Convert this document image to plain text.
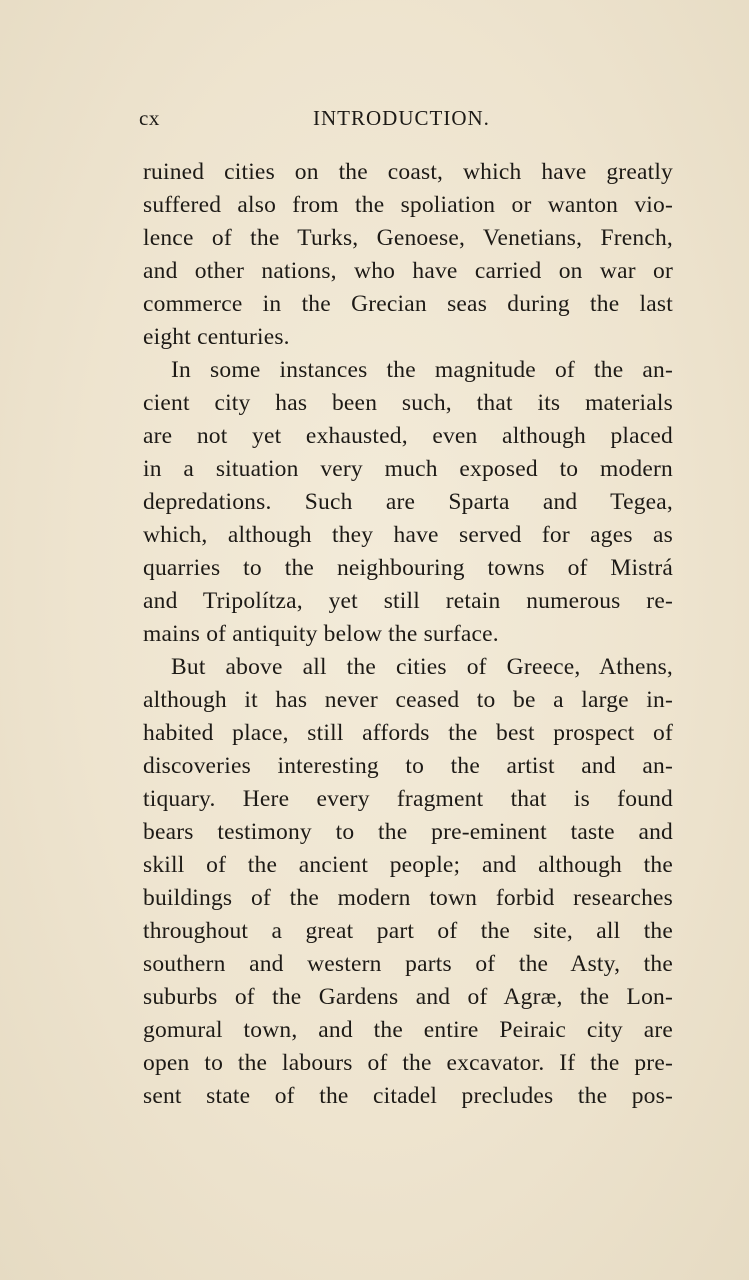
cx	INTRODUCTION.
ruined cities on the coast, which have greatly
suffered also from the spoliation or wanton vio-
lence of the Turks, Genoese, Venetians, French,
and other nations, who have carried on war or
commerce in the Grecian seas during the last
eight centuries.
In some instances the magnitude of the an-
cient city has been such, that its materials
are not yet exhausted, even although placed
in a situation very much exposed to modern
depredations. Such are Sparta and Tegea,
which, although they have served for ages as
quarries to the neighbouring towns of Mistrá
and Tripolítza, yet still retain numerous re-
mains of antiquity below the surface.
But above all the cities of Greece, Athens,
although it has never ceased to be a large in-
habited place, still affords the best prospect of
discoveries interesting to the artist and an-
tiquary. Here every fragment that is found
bears testimony to the pre-eminent taste and
skill of the ancient people; and although the
buildings of the modern town forbid researches
throughout a great part of the site, all the
southern and western parts of the Asty, the
suburbs of the Gardens and of Agræ, the Lon-
gomural town, and the entire Peiraic city are
open to the labours of the excavator. If the pre-
sent state of the citadel precludes the pos-
